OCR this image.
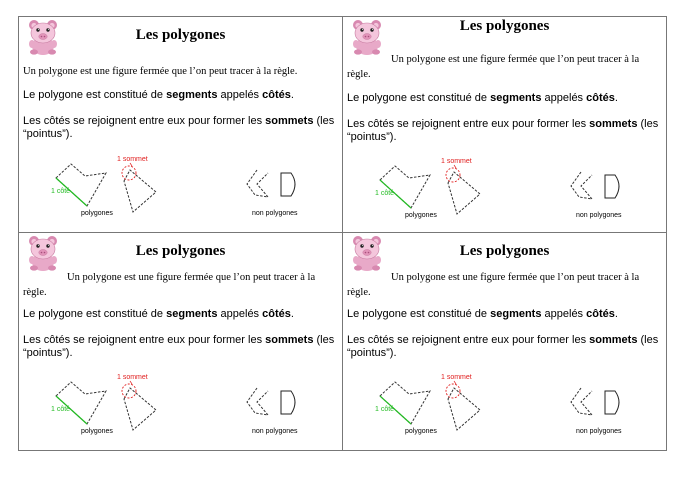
Les polygones
Un polygone est une figure fermée que l’on peut tracer à la règle.
Le polygone est constitué de segments appelés côtés.
Les côtés se rejoignent entre eux pour former les sommets (les “pointus”).
1 sommet
1 côté
polygones	non polygones
Les polygones
Un polygone est une figure fermée que l’on peut tracer à la règle.
Le polygone est constitué de segments appelés côtés.
Les côtés se rejoignent entre eux pour former les sommets (les “pointus”).
1 sommet
1 côté
polygones	non polygones
Les polygones
Un polygone est une figure fermée que l’on peut tracer à la règle.
Le polygone est constitué de segments appelés côtés.
Les côtés se rejoignent entre eux pour former les sommets (les “pointus”).
1 sommet
1 côté
polygones	non polygones
Les polygones
Un polygone est une figure fermée que l’on peut tracer à la règle.
Le polygone est constitué de segments appelés côtés.
Les côtés se rejoignent entre eux pour former les sommets (les “pointus”).
1 sommet
1 côté
polygones	non polygones
